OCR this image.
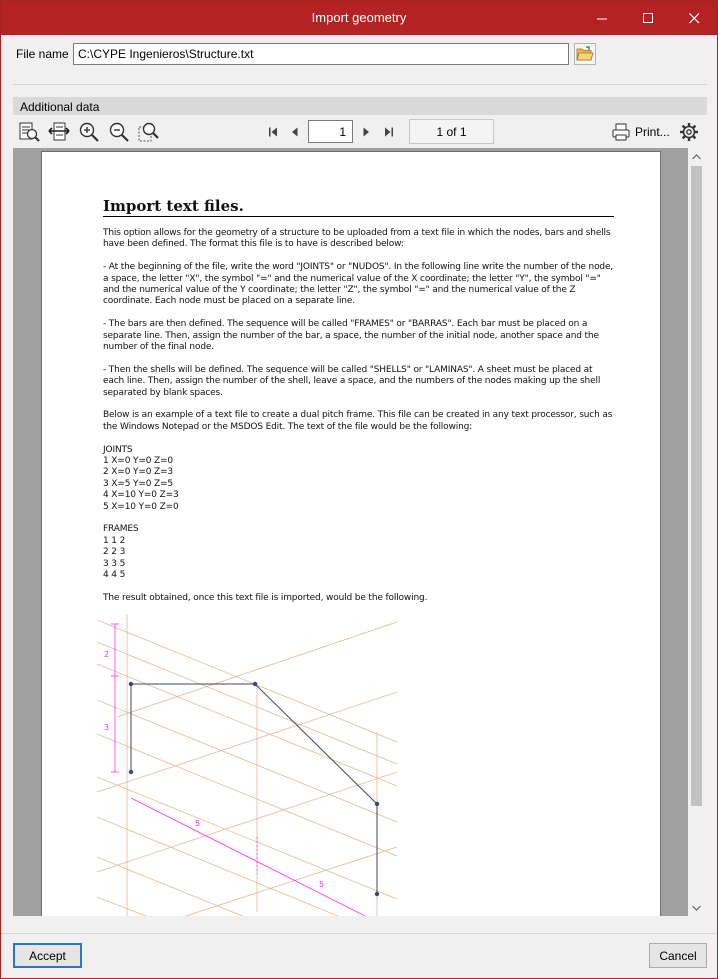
Import geometry
File name
C:\CYPE Ingenieros\Structure.txt
Additional data
1
1 of 1	Print...
Import text files.

This option allows for the geometry of a structure to be uploaded from a text file in which the nodes, bars and shells have been defined. The format this file is to have is described below:

- At the beginning of the file, write the word "JOINTS" or "NUDOS". In the following line write the number of the node, a space, the letter "X", the symbol "=" and the numerical value of the X coordinate; the letter "Y", the symbol "=" and the numerical value of the Y coordinate; the letter "Z", the symbol "=" and the numerical value of the Z coordinate. Each node must be placed on a separate line.

- The bars are then defined. The sequence will be called "FRAMES" or "BARRAS". Each bar must be placed on a separate line. Then, assign the number of the bar, a space, the number of the initial node, another space and the number of the final node.

- Then the shells will be defined. The sequence will be called "SHELLS" or "LAMINAS". A sheet must be placed at each line. Then, assign the number of the shell, leave a space, and the numbers of the nodes making up the shell separated by blank spaces.

Below is an example of a text file to create a dual pitch frame. This file can be created in any text processor, such as the Windows Notepad or the MSDOS Edit. The text of the file would be the following:

JOINTS
1 X=0 Y=0 Z=0
2 X=0 Y=0 Z=3
3 X=5 Y=0 Z=5
4 X=10 Y=0 Z=3
5 X=10 Y=0 Z=0
FRAMES
1 1 2
2 2 3
3 3 5
4 4 5

The result obtained, once this text file is imported, would be the following.

2
3
5
5
Accept	Cancel
